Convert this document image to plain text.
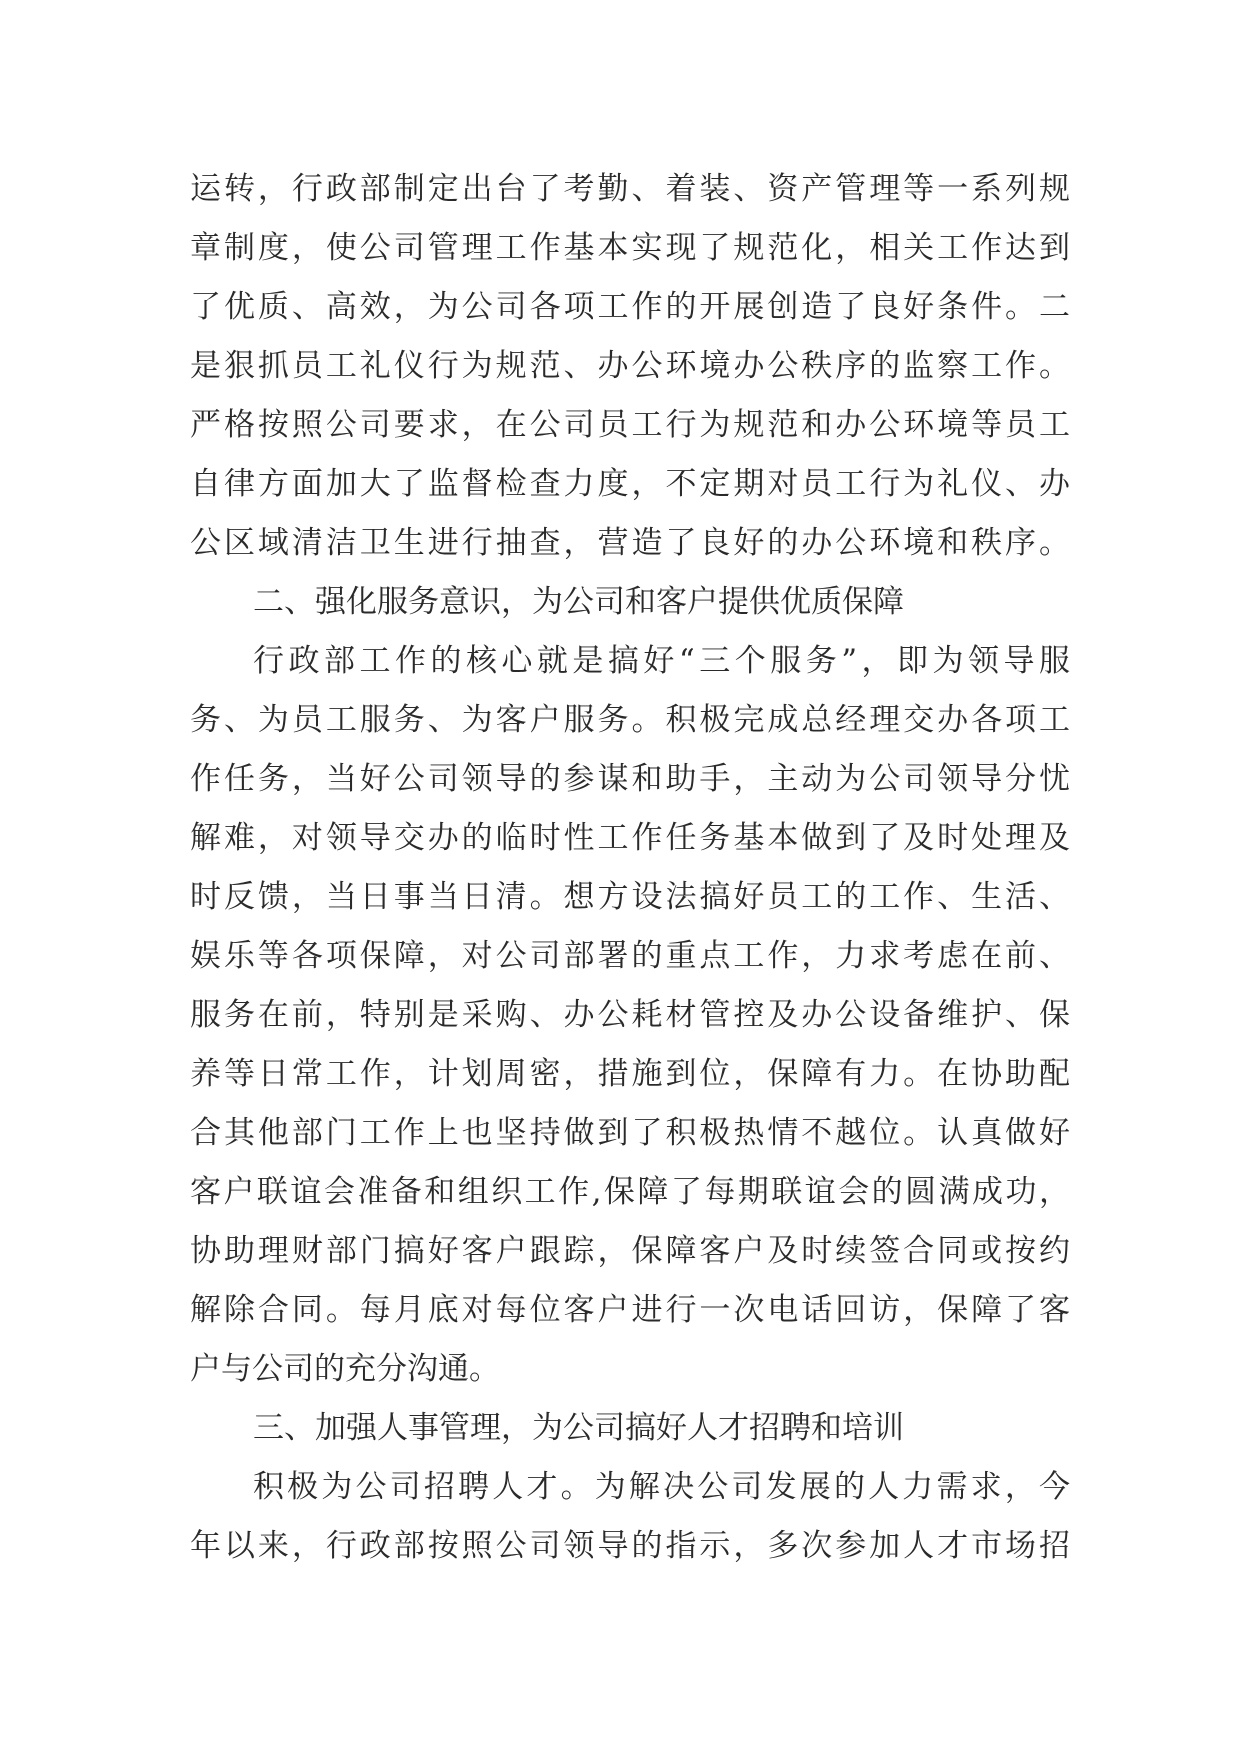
运转，行政部制定出台了考勤、着装、资产管理等一系列规
章制度，使公司管理工作基本实现了规范化，相关工作达到
了优质、高效，为公司各项工作的开展创造了良好条件。二
是狠抓员工礼仪行为规范、办公环境办公秩序的监察工作。
严格按照公司要求，在公司员工行为规范和办公环境等员工
自律方面加大了监督检查力度，不定期对员工行为礼仪、办
公区域清洁卫生进行抽查，营造了良好的办公环境和秩序。
二、强化服务意识，为公司和客户提供优质保障
行政部工作的核心就是搞好“三个服务”，即为领导服
务、为员工服务、为客户服务。积极完成总经理交办各项工
作任务，当好公司领导的参谋和助手，主动为公司领导分忧
解难，对领导交办的临时性工作任务基本做到了及时处理及
时反馈，当日事当日清。想方设法搞好员工的工作、生活、
娱乐等各项保障，对公司部署的重点工作，力求考虑在前、
服务在前，特别是采购、办公耗材管控及办公设备维护、保
养等日常工作，计划周密，措施到位，保障有力。在协助配
合其他部门工作上也坚持做到了积极热情不越位。认真做好
客户联谊会准备和组织工作,保障了每期联谊会的圆满成功，
协助理财部门搞好客户跟踪，保障客户及时续签合同或按约
解除合同。每月底对每位客户进行一次电话回访，保障了客
户与公司的充分沟通。
三、加强人事管理，为公司搞好人才招聘和培训
积极为公司招聘人才。为解决公司发展的人力需求，今
年以来，行政部按照公司领导的指示，多次参加人才市场招
